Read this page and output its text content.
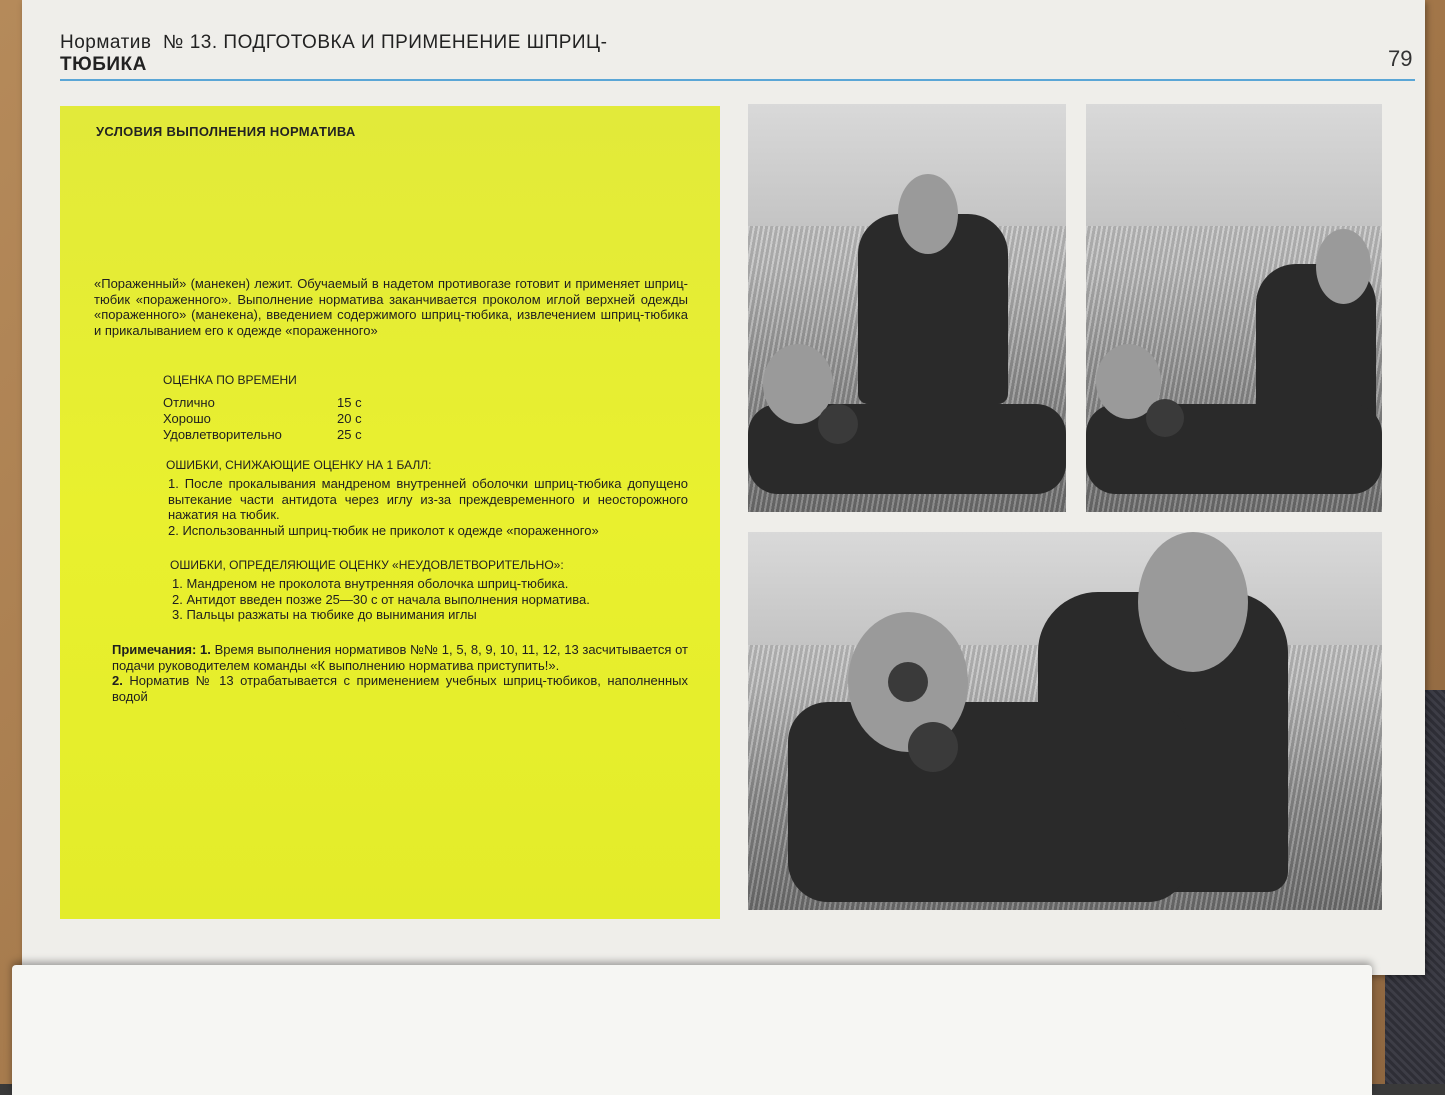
Норматив № 13. ПОДГОТОВКА И ПРИМЕНЕНИЕ ШПРИЦ-
ТЮБИКА	79
УСЛОВИЯ ВЫПОЛНЕНИЯ НОРМАТИВА
«Пораженный» (манекен) лежит. Обучаемый в надетом противогазе готовит и применяет шприц-тюбик «пораженного». Выполнение норматива заканчивается проколом иглой верхней одежды «пораженного» (манекена), введением содержимого шприц-тюбика, извлечением шприц-тюбика и прикалыванием его к одежде «пораженного»
ОЦЕНКА ПО ВРЕМЕНИ
Отлично	15 с
Хорошо	20 с
Удовлетворительно	25 с
ОШИБКИ, СНИЖАЮЩИЕ ОЦЕНКУ НА 1 БАЛЛ:

1. После прокалывания мандреном внутренней оболочки шприц-тюбика допущено вытекание части антидота через иглу из-за преждевременного и неосторожного нажатия на тюбик.

2. Использованный шприц-тюбик не приколот к одежде «пораженного»

ОШИБКИ, ОПРЕДЕЛЯЮЩИЕ ОЦЕНКУ «НЕУДОВЛЕТВОРИТЕЛЬНО»:

1. Мандреном не проколота внутренняя оболочка шприц-тюбика.

2. Антидот введен позже 25—30 с от начала выполнения норматива.

3. Пальцы разжаты на тюбике до вынимания иглы

Примечания: 1. Время выполнения нормативов №№ 1, 5, 8, 9, 10, 11, 12, 13 засчитывается от подачи руководителем команды «К выполнению норматива приступить!».

2. Норматив № 13 отрабатывается с применением учебных шприц-тюбиков, наполненных водой
